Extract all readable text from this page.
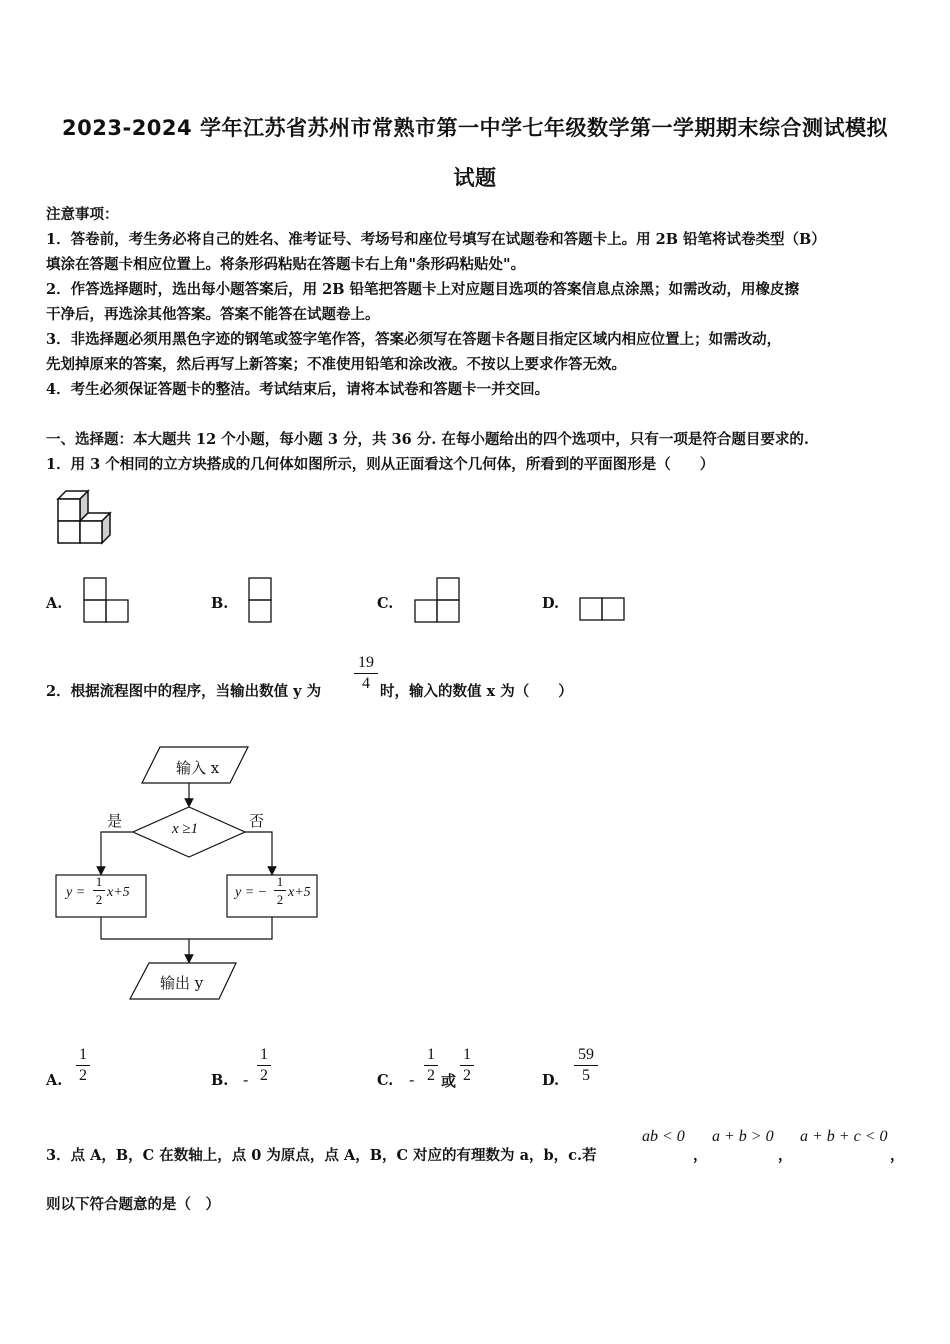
2023-2024 学年江苏省苏州市常熟市第一中学七年级数学第一学期期末综合测试模拟
试题
注意事项：
1．答卷前，考生务必将自己的姓名、准考证号、考场号和座位号填写在试题卷和答题卡上。用 2B 铅笔将试卷类型（B）
填涂在答题卡相应位置上。将条形码粘贴在答题卡右上角"条形码粘贴处"。
2．作答选择题时，选出每小题答案后，用 2B 铅笔把答题卡上对应题目选项的答案信息点涂黑；如需改动，用橡皮擦
干净后，再选涂其他答案。答案不能答在试题卷上。
3．非选择题必须用黑色字迹的钢笔或签字笔作答，答案必须写在答题卡各题目指定区域内相应位置上；如需改动，
先划掉原来的答案，然后再写上新答案；不准使用铅笔和涂改液。不按以上要求作答无效。
4．考生必须保证答题卡的整洁。考试结束后，请将本试卷和答题卡一并交回。
一、选择题：本大题共 12 个小题，每小题 3 分，共 36 分. 在每小题给出的四个选项中，只有一项是符合题目要求的.
1．用 3 个相同的立方块搭成的几何体如图所示，则从正面看这个几何体，所看到的平面图形是（　　）
A.	B.	C.	D.
2．根据流程图中的程序，当输出数值 y 为
19
4 时，输入的数值 x 为（　　）
输入 x
x ≥1
是	否
y =
1
2 x+5	y = −
1
2 x+5
输出 y
A.
1
2	B. -
1
2	C. -
1
2 或
1
2	D.
59
5
3．点 A，B，C 在数轴上，点 0 为原点，点 A，B，C 对应的有理数为 a，b，c.若
ab < 0
，
a + b > 0
，
a + b + c < 0
，
则以下符合题意的是（　）
